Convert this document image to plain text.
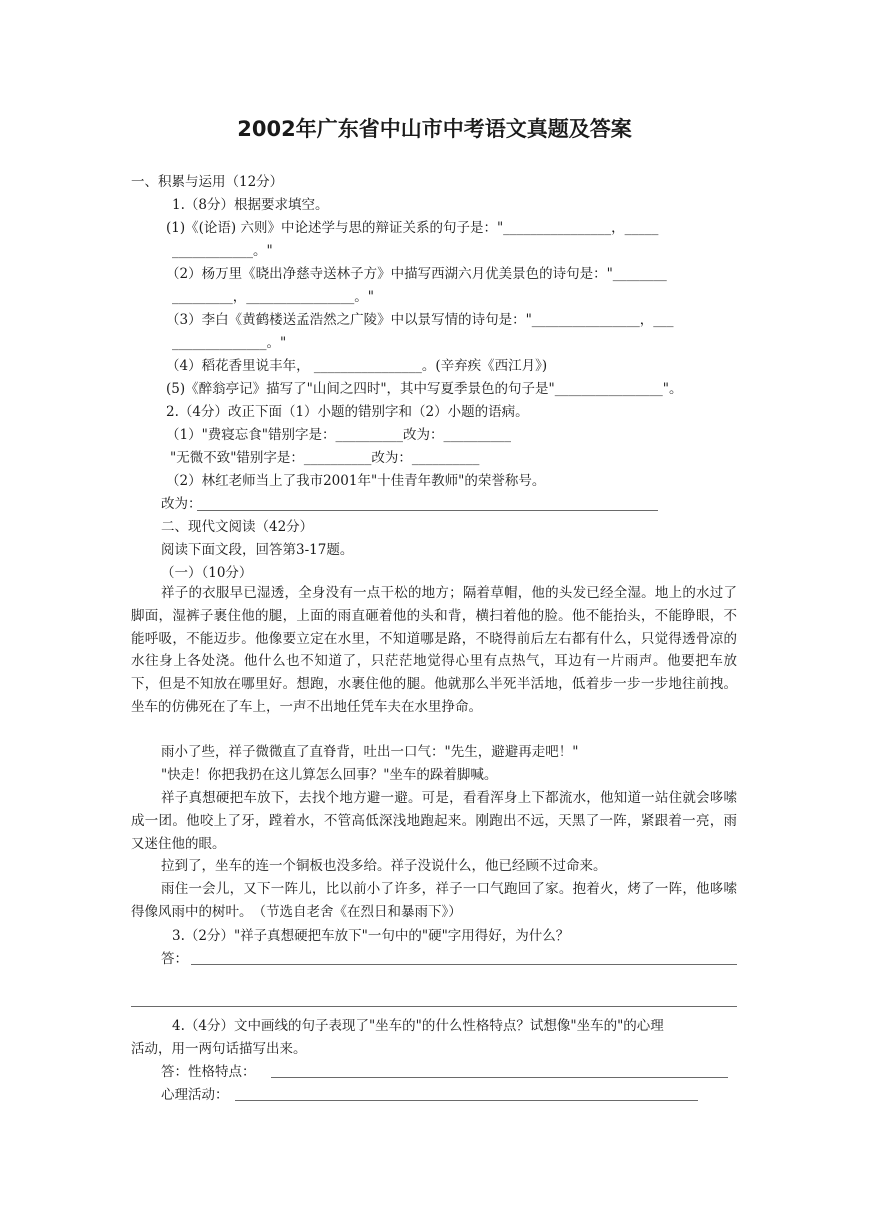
2002年广东省中山市中考语文真题及答案
一、积累与运用（12分）
1.（8分）根据要求填空。
(1)《(论语) 六则》中论述学与思的辩证关系的句子是："________________，_____
____________。"
（2）杨万里《晓出净慈寺送林子方》中描写西湖六月优美景色的诗句是："________
_________，________________。"
（3）李白《黄鹤楼送孟浩然之广陵》中以景写情的诗句是："________________，___
______________。"
（4）稻花香里说丰年， ________________。(辛弃疾《西江月》)
(5)《醉翁亭记》描写了"山间之四时"，其中写夏季景色的句子是"________________"。
2.（4分）改正下面（1）小题的错别字和（2）小题的语病。
（1）"费寝忘食"错别字是：__________改为：__________
"无微不致"错别字是：__________改为：__________
（2）林红老师当上了我市2001年"十佳青年教师"的荣誉称号。
改为：
二、现代文阅读（42分）
阅读下面文段，回答第3-17题。
（一）（10分）
祥子的衣服早已湿透，全身没有一点干松的地方；隔着草帽，他的头发已经全湿。地上的水过了脚面，湿裤子裹住他的腿，上面的雨直砸着他的头和背，横扫着他的脸。他不能抬头，不能睁眼，不能呼吸，不能迈步。他像要立定在水里，不知道哪是路，不晓得前后左右都有什么，只觉得透骨凉的水往身上各处浇。他什么也不知道了，只茫茫地觉得心里有点热气，耳边有一片雨声。他要把车放下，但是不知放在哪里好。想跑，水裹住他的腿。他就那么半死半活地，低着步一步一步地往前拽。坐车的仿佛死在了车上，一声不出地任凭车夫在水里挣命。
雨小了些，祥子微微直了直脊背，吐出一口气："先生，避避再走吧！"
"快走！你把我扔在这儿算怎么回事？"坐车的跺着脚喊。
祥子真想硬把车放下，去找个地方避一避。可是，看看浑身上下都流水，他知道一站住就会哆嗦成一团。他咬上了牙，蹚着水，不管高低深浅地跑起来。刚跑出不远，天黑了一阵，紧跟着一亮，雨又迷住他的眼。
拉到了，坐车的连一个铜板也没多给。祥子没说什么，他已经顾不过命来。
雨住一会儿，又下一阵儿，比以前小了许多，祥子一口气跑回了家。抱着火，烤了一阵，他哆嗦得像风雨中的树叶。　（节选自老舍《在烈日和暴雨下》）
3.（2分）"祥子真想硬把车放下"一句中的"硬"字用得好，为什么？
答：
4.（4分）文中画线的句子表现了"坐车的"的什么性格特点？试想像"坐车的"的心理
活动，用一两句话描写出来。
答：性格特点：
心理活动：
